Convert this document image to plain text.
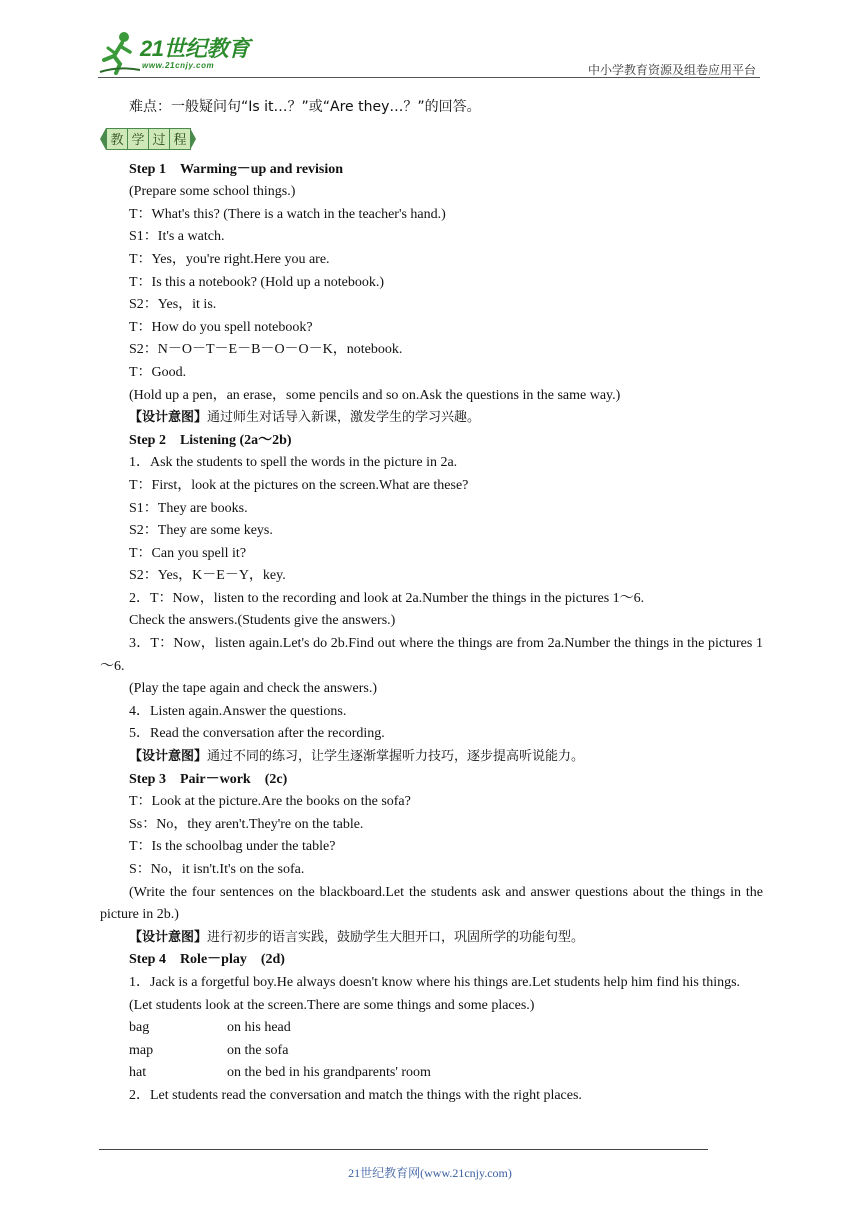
21世纪教育
www.21cnjy.com	中小学教育资源及组卷应用平台
难点：一般疑问句“Is it…？”或“Are they…？”的回答。
教 学 过 程
Step 1　Warming－up and revision
(Prepare some school things.)
T：What's this? (There is a watch in the teacher's hand.)
S1：It's a watch.
T：Yes，you're right.Here you are.
T：Is this a notebook? (Hold up a notebook.)
S2：Yes，it is.
T：How do you spell notebook?
S2：N－O－T－E－B－O－O－K，notebook.
T：Good.
(Hold up a pen，an erase，some pencils and so on.Ask the questions in the same way.)
【设计意图】通过师生对话导入新课，激发学生的学习兴趣。
Step 2　Listening (2a～2b)
1．Ask the students to spell the words in the picture in 2a.
T：First，look at the pictures on the screen.What are these?
S1：They are books.
S2：They are some keys.
T：Can you spell it?
S2：Yes，K－E－Y，key.
2．T：Now，listen to the recording and look at 2a.Number the things in the pictures 1～6.
Check the answers.(Students give the answers.)
3．T：Now，listen again.Let's do 2b.Find out where the things are from 2a.Number the things in the pictures 1～6.
(Play the tape again and check the answers.)
4．Listen again.Answer the questions.
5．Read the conversation after the recording.
【设计意图】通过不同的练习，让学生逐渐掌握听力技巧，逐步提高听说能力。
Step 3　Pair－work　(2c)
T：Look at the picture.Are the books on the sofa?
Ss：No，they aren't.They're on the table.
T：Is the schoolbag under the table?
S：No，it isn't.It's on the sofa.
(Write the four sentences on the blackboard.Let the students ask and answer questions about the things in the picture in 2b.)
【设计意图】进行初步的语言实践，鼓励学生大胆开口，巩固所学的功能句型。
Step 4　Role－play　(2d)
1．Jack is a forgetful boy.He always doesn't know where his things are.Let students help him find his things.
(Let students look at the screen.There are some things and some places.)
bag	on his head
map	on the sofa
hat	on the bed in his grandparents' room
2．Let students read the conversation and match the things with the right places.
21世纪教育网(www.21cnjy.com)
